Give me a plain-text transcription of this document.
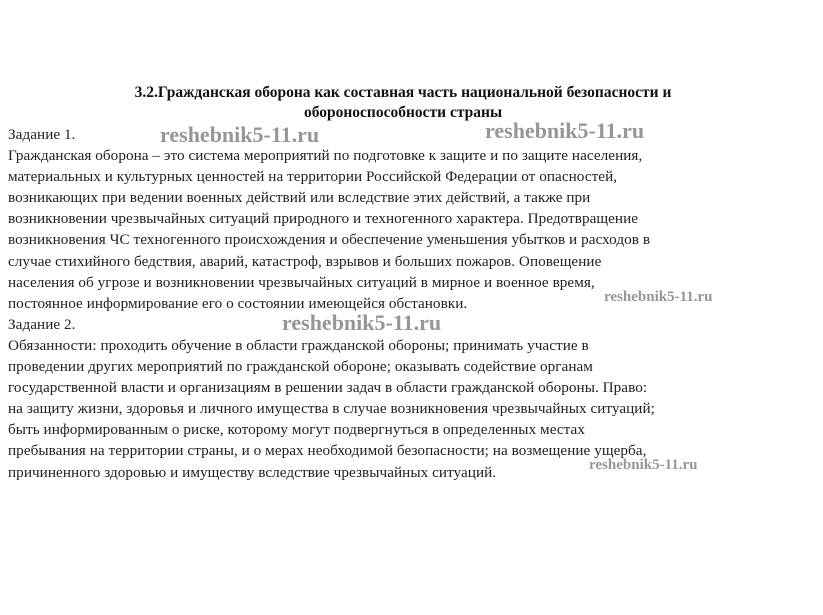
3.2.Гражданская оборона как составная часть национальной безопасности и
обороноспособности страны
Задание 1.
Гражданская оборона – это система мероприятий по подготовке к защите и по защите населения,
материальных и культурных ценностей на территории Российской Федерации от опасностей,
возникающих при ведении военных действий или вследствие этих действий, а также при
возникновении чрезвычайных ситуаций природного и техногенного характера. Предотвращение
возникновения ЧС техногенного происхождения и обеспечение уменьшения убытков и расходов в
случае стихийного бедствия, аварий, катастроф, взрывов и больших пожаров. Оповещение
населения об угрозе и возникновении чрезвычайных ситуаций в мирное и военное время,
постоянное информирование его о состоянии имеющейся обстановки.
Задание 2.
Обязанности: проходить обучение в области гражданской обороны; принимать участие в
проведении других мероприятий по гражданской обороне; оказывать содействие органам
государственной власти и организациям в решении задач в области гражданской обороны. Право:
на защиту жизни, здоровья и личного имущества в случае возникновения чрезвычайных ситуаций;
быть информированным о риске, которому могут подвергнуться в определенных местах
пребывания на территории страны, и о мерах необходимой безопасности; на возмещение ущерба,
причиненного здоровью и имуществу вследствие чрезвычайных ситуаций.
reshebnik5-11.ru	reshebnik5-11.ru
reshebnik5-11.ru
reshebnik5-11.ru
reshebnik5-11.ru
